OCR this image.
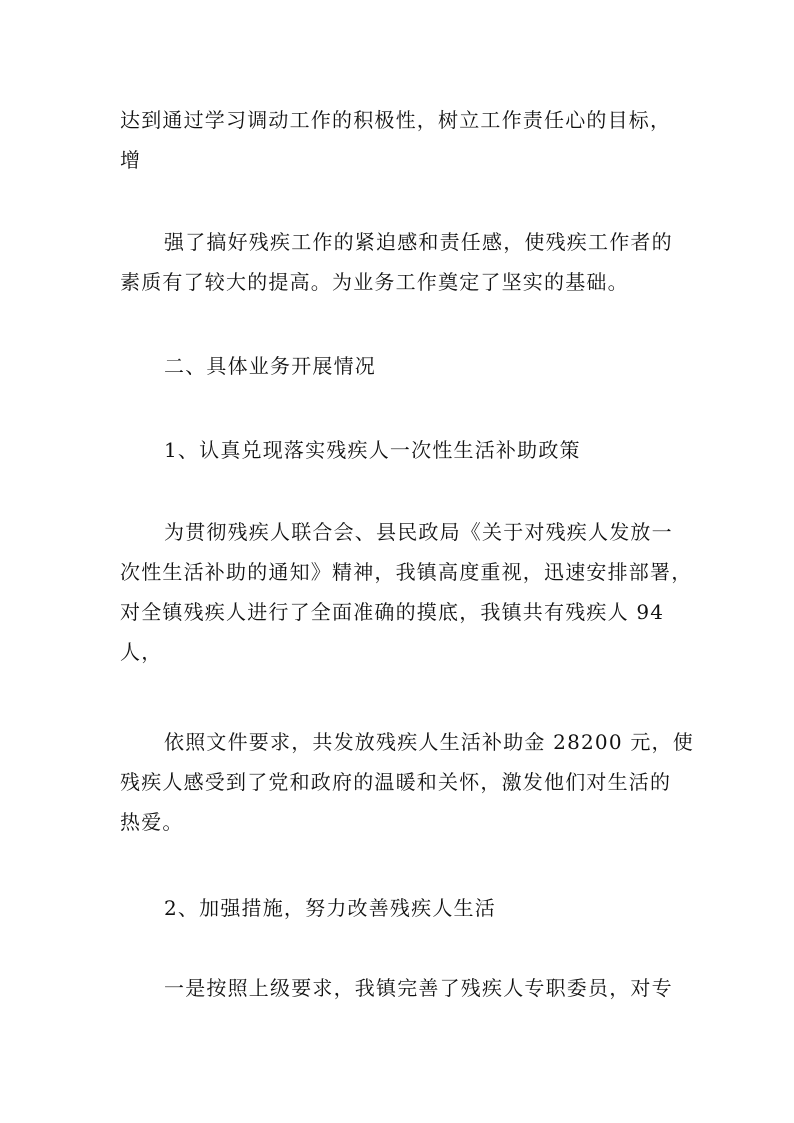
达到通过学习调动工作的积极性，树立工作责任心的目标，
增

强了搞好残疾工作的紧迫感和责任感，使残疾工作者的
素质有了较大的提高。为业务工作奠定了坚实的基础。

二、具体业务开展情况

1、认真兑现落实残疾人一次性生活补助政策

为贯彻残疾人联合会、县民政局《关于对残疾人发放一
次性生活补助的通知》精神，我镇高度重视，迅速安排部署，
对全镇残疾人进行了全面准确的摸底，我镇共有残疾人 94
人，

依照文件要求，共发放残疾人生活补助金 28200 元，使
残疾人感受到了党和政府的温暖和关怀，激发他们对生活的
热爱。

2、加强措施，努力改善残疾人生活

一是按照上级要求，我镇完善了残疾人专职委员，对专
